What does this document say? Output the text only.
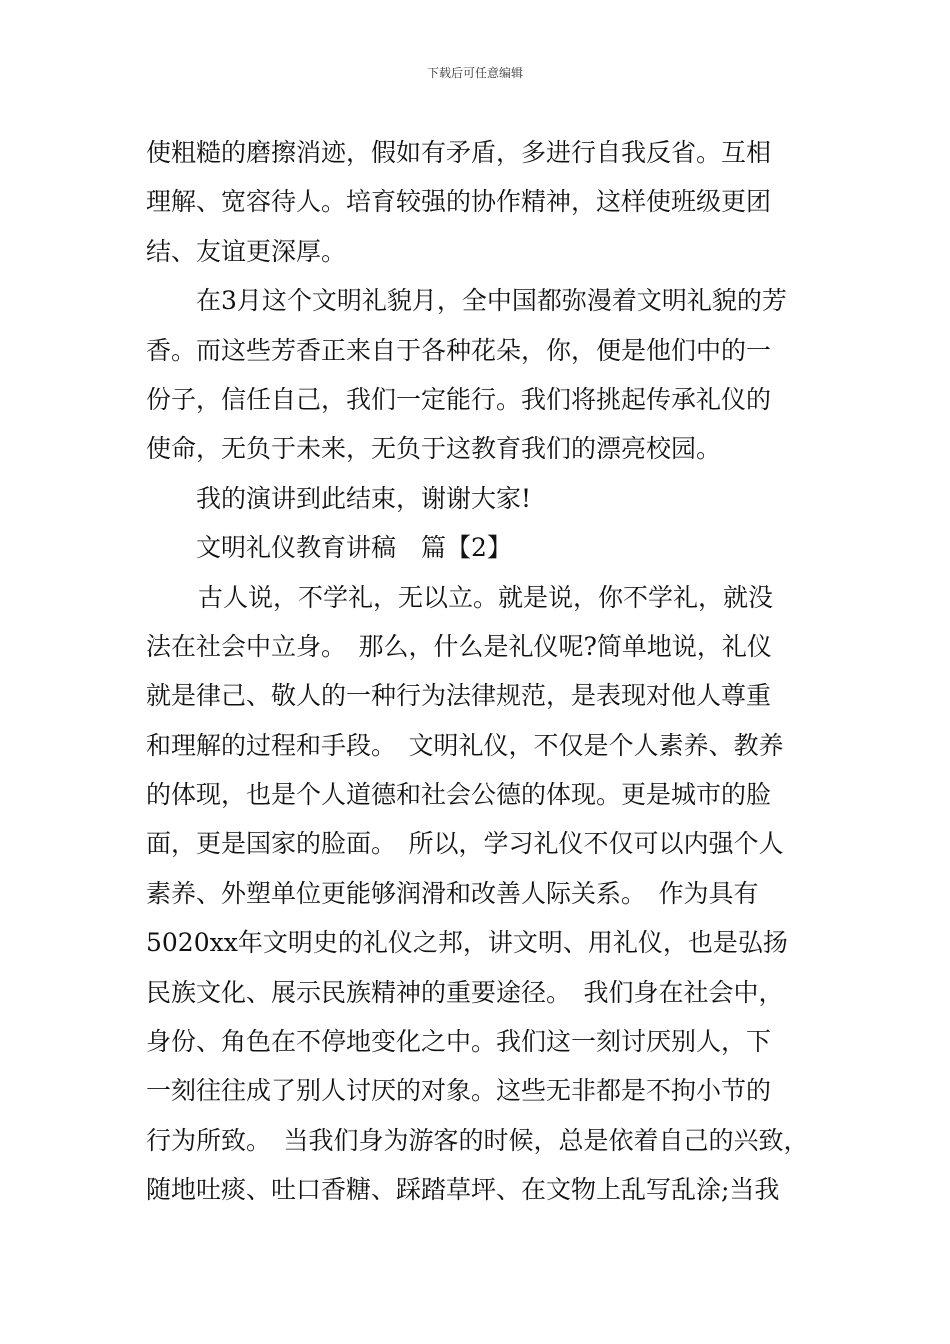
下载后可任意编辑
使粗糙的磨擦消迹，假如有矛盾，多进行自我反省。互相
理解、宽容待人。培育较强的协作精神，这样使班级更团
结、友谊更深厚。
在3月这个文明礼貌月，全中国都弥漫着文明礼貌的芳
香。而这些芳香正来自于各种花朵，你，便是他们中的一
份子，信任自己，我们一定能行。我们将挑起传承礼仪的
使命，无负于未来，无负于这教育我们的漂亮校园。
我的演讲到此结束，谢谢大家!
文明礼仪教育讲稿　篇【2】
古人说，不学礼，无以立。就是说，你不学礼，就没
法在社会中立身。　那么，什么是礼仪呢?简单地说，礼仪
就是律己、敬人的一种行为法律规范，是表现对他人尊重
和理解的过程和手段。　文明礼仪，不仅是个人素养、教养
的体现，也是个人道德和社会公德的体现。更是城市的脸
面，更是国家的脸面。　所以，学习礼仪不仅可以内强个人
素养、外塑单位更能够润滑和改善人际关系。　作为具有
5020xx年文明史的礼仪之邦，讲文明、用礼仪，也是弘扬
民族文化、展示民族精神的重要途径。　我们身在社会中，
身份、角色在不停地变化之中。我们这一刻讨厌别人，下
一刻往往成了别人讨厌的对象。这些无非都是不拘小节的
行为所致。　当我们身为游客的时候，总是依着自己的兴致，
随地吐痰、吐口香糖、踩踏草坪、在文物上乱写乱涂;当我
